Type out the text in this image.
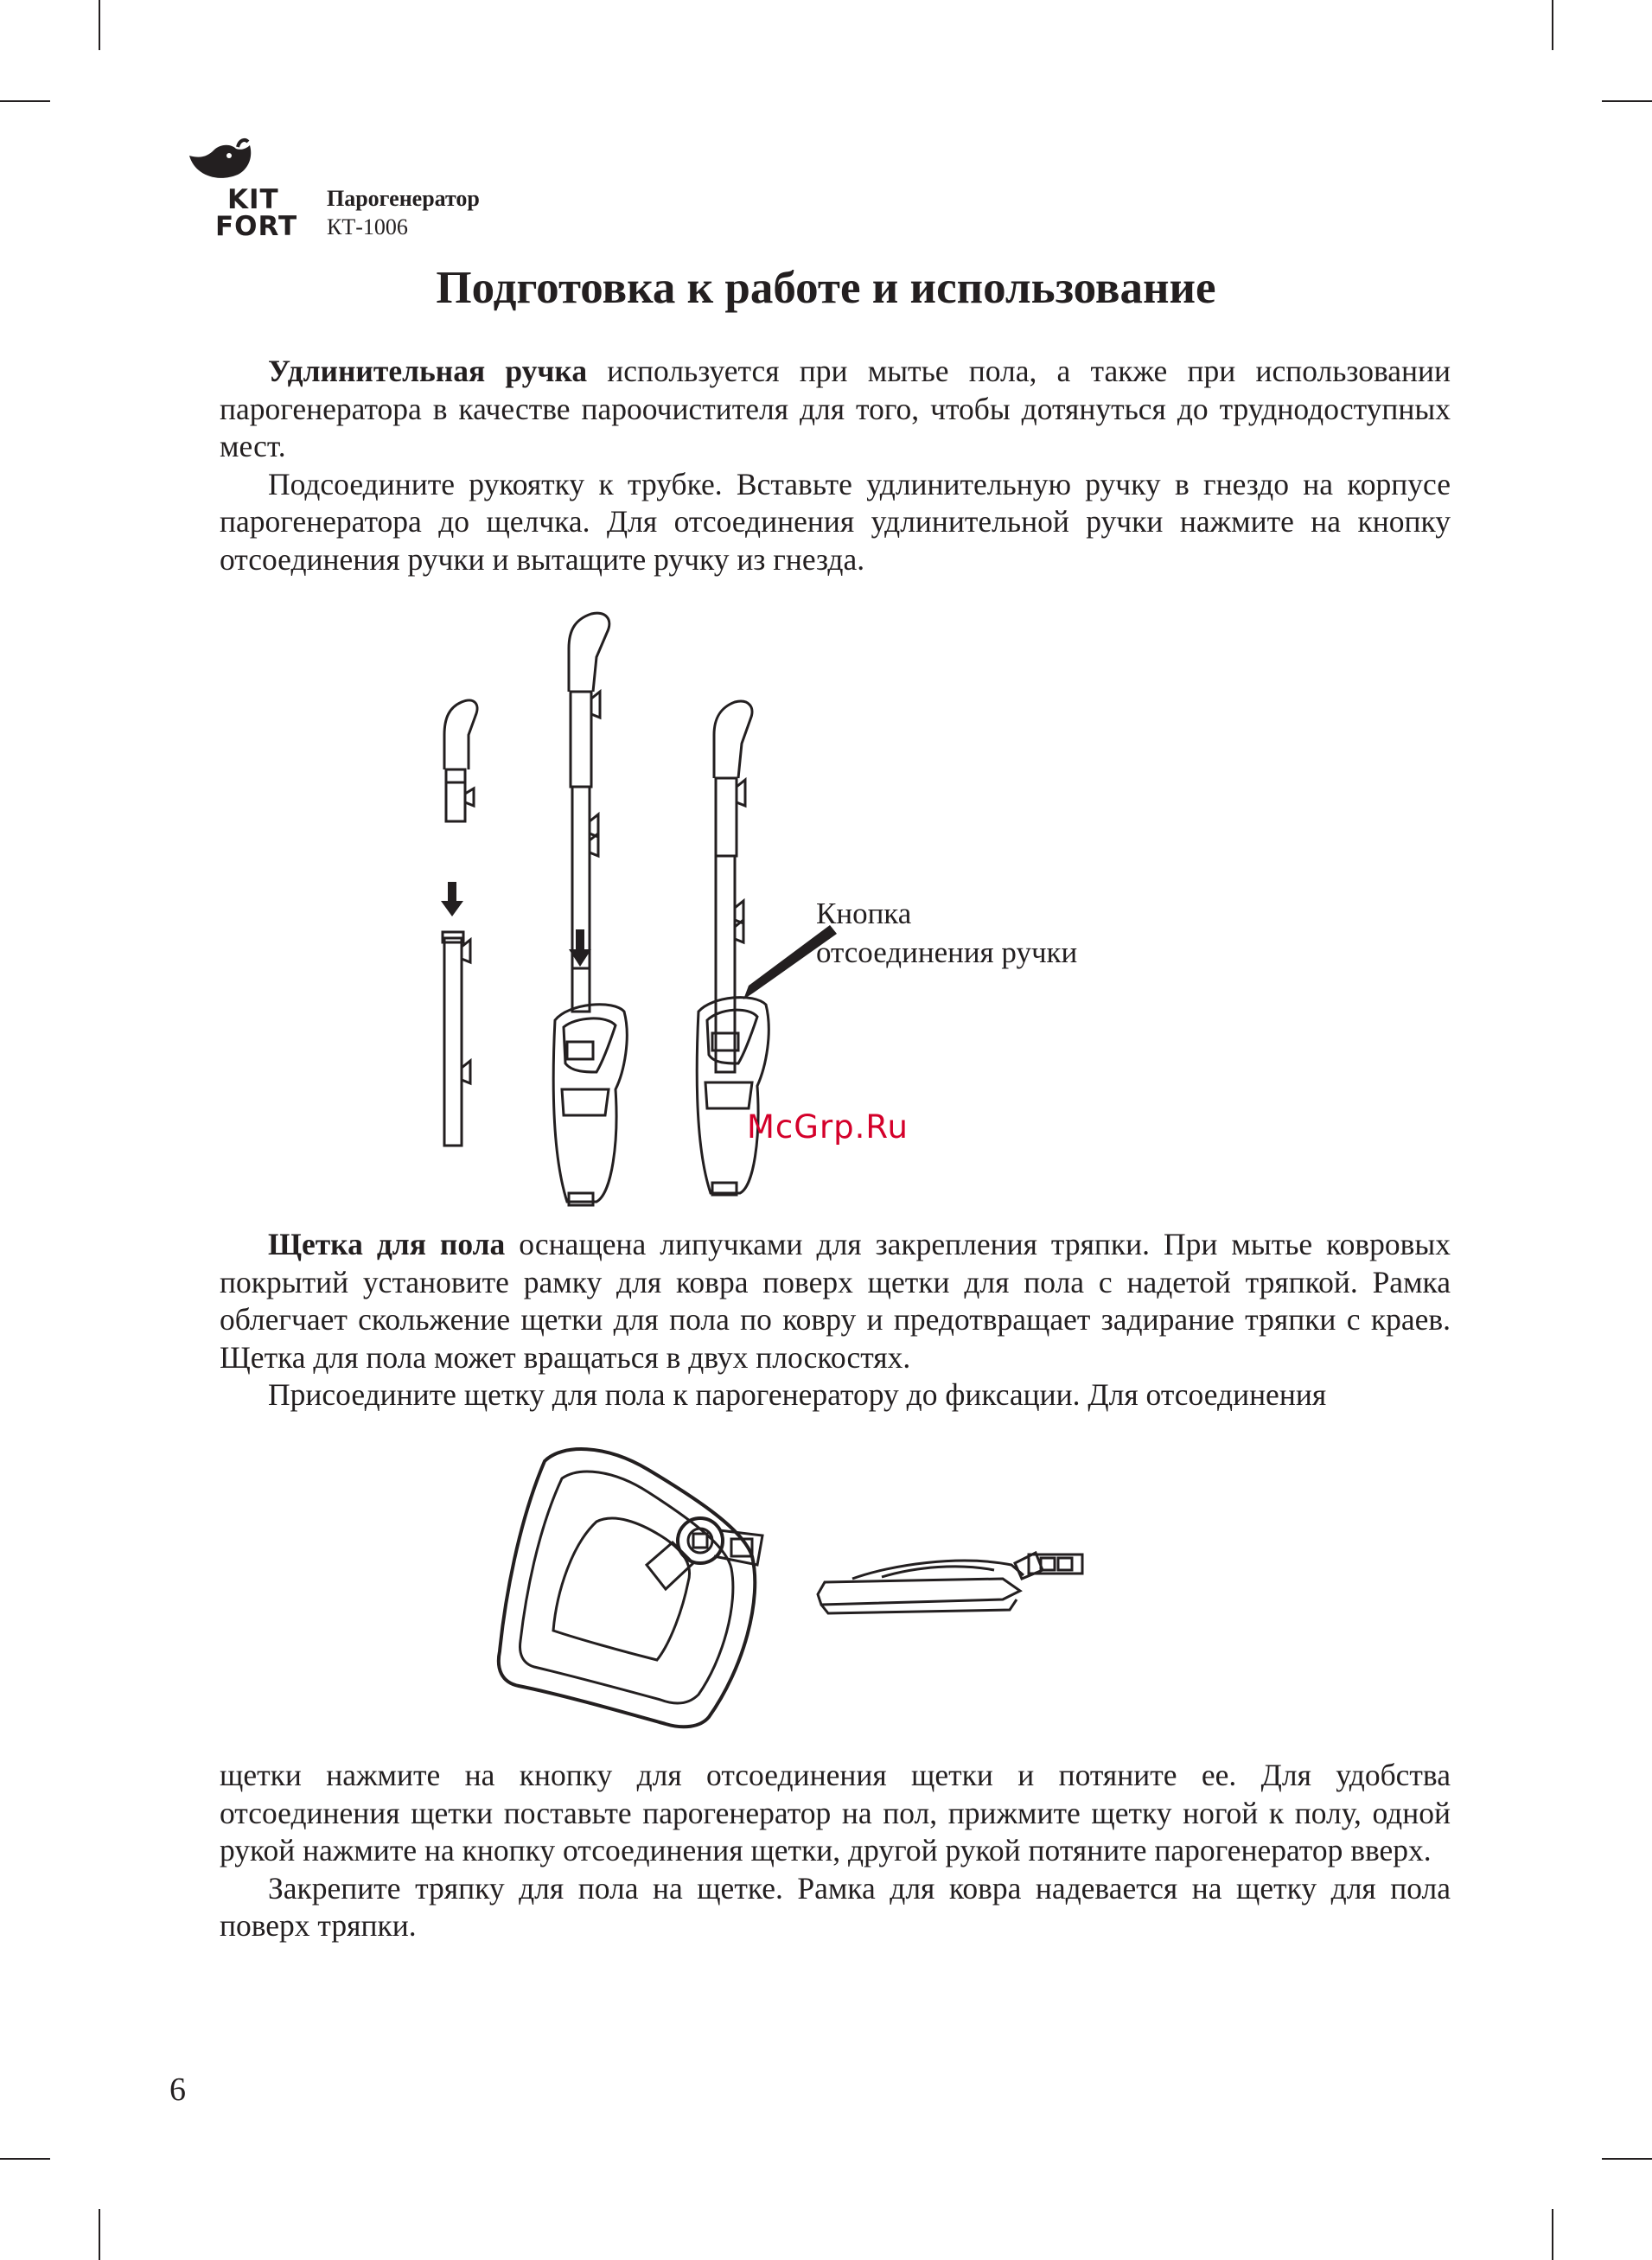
KIT
FORT
Парогенератор
КТ-1006
Подготовка к работе и использование

Удлинительная ручка используется при мытье пола, а также при использовании парогенератора в качестве пароочистителя для того, чтобы дотянуться до труднодоступных мест.

Подсоедините рукоятку к трубке. Вставьте удлинительную ручку в гнездо на корпусе парогенератора до щелчка. Для отсоединения удлинительной ручки нажмите на кнопку отсоединения ручки и вытащите ручку из гнезда.

Кнопка
отсоединения ручки
McGrp.Ru

Щетка для пола оснащена липучками для закрепления тряпки. При мытье ковровых покрытий установите рамку для ковра поверх щетки для пола с надетой тряпкой. Рамка облегчает скольжение щетки для пола по ковру и предотвращает задирание тряпки с краев. Щетка для пола может вращаться в двух плоскостях.

Присоедините щетку для пола к парогенератору до фиксации. Для отсоединения

щетки нажмите на кнопку для отсоединения щетки и потяните ее. Для удобства отсоединения щетки поставьте парогенератор на пол, прижмите щетку ногой к полу, одной рукой нажмите на кнопку отсоединения щетки, другой рукой потяните парогенератор вверх.

Закрепите тряпку для пола на щетке. Рамка для ковра надевается на щетку для пола поверх тряпки.

6
